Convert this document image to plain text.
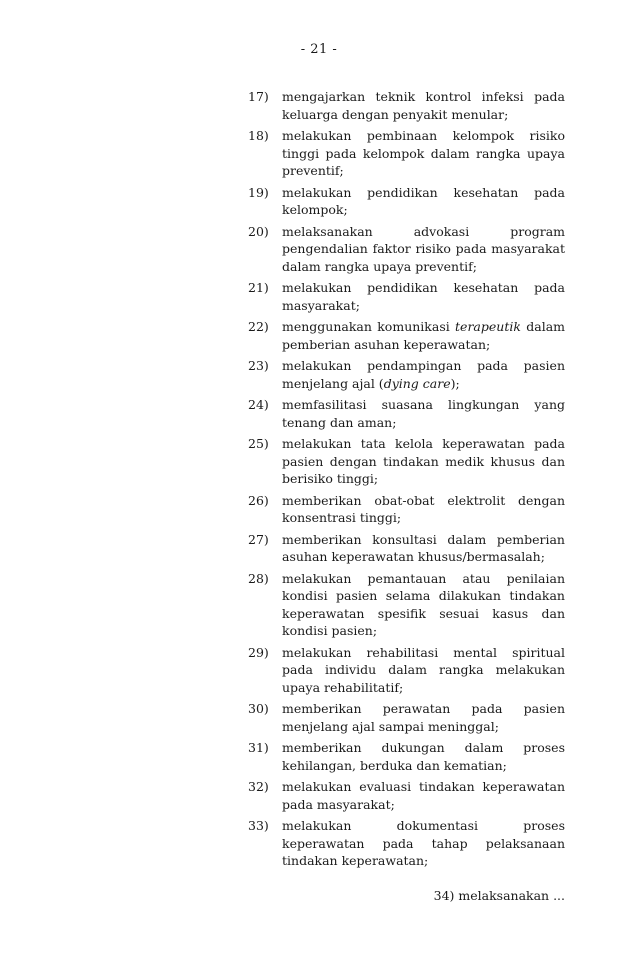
- 21 -
17)	mengajarkan teknik kontrol infeksi pada keluarga dengan penyakit menular;
18)	melakukan pembinaan kelompok risiko tinggi pada kelompok dalam rangka upaya preventif;
19)	melakukan pendidikan kesehatan pada kelompok;
20)	melaksanakan advokasi program pengendalian faktor risiko pada masyarakat dalam rangka upaya preventif;
21)	melakukan pendidikan kesehatan pada masyarakat;
22)	menggunakan komunikasi terapeutik dalam pemberian asuhan keperawatan;
23)	melakukan pendampingan pada pasien menjelang ajal (dying care);
24)	memfasilitasi suasana lingkungan yang tenang dan aman;
25)	melakukan tata kelola keperawatan pada pasien dengan tindakan medik khusus dan berisiko tinggi;
26)	memberikan obat-obat elektrolit dengan konsentrasi tinggi;
27)	memberikan konsultasi dalam pemberian asuhan keperawatan khusus/bermasalah;
28)	melakukan pemantauan atau penilaian kondisi pasien selama dilakukan tindakan keperawatan spesifik sesuai kasus dan kondisi pasien;
29)	melakukan rehabilitasi mental spiritual pada individu dalam rangka melakukan upaya rehabilitatif;
30)	memberikan perawatan pada pasien menjelang ajal sampai meninggal;
31)	memberikan dukungan dalam proses kehilangan, berduka dan kematian;
32)	melakukan evaluasi tindakan keperawatan pada masyarakat;
33)	melakukan dokumentasi proses keperawatan pada tahap pelaksanaan tindakan keperawatan;
34) melaksanakan ...
